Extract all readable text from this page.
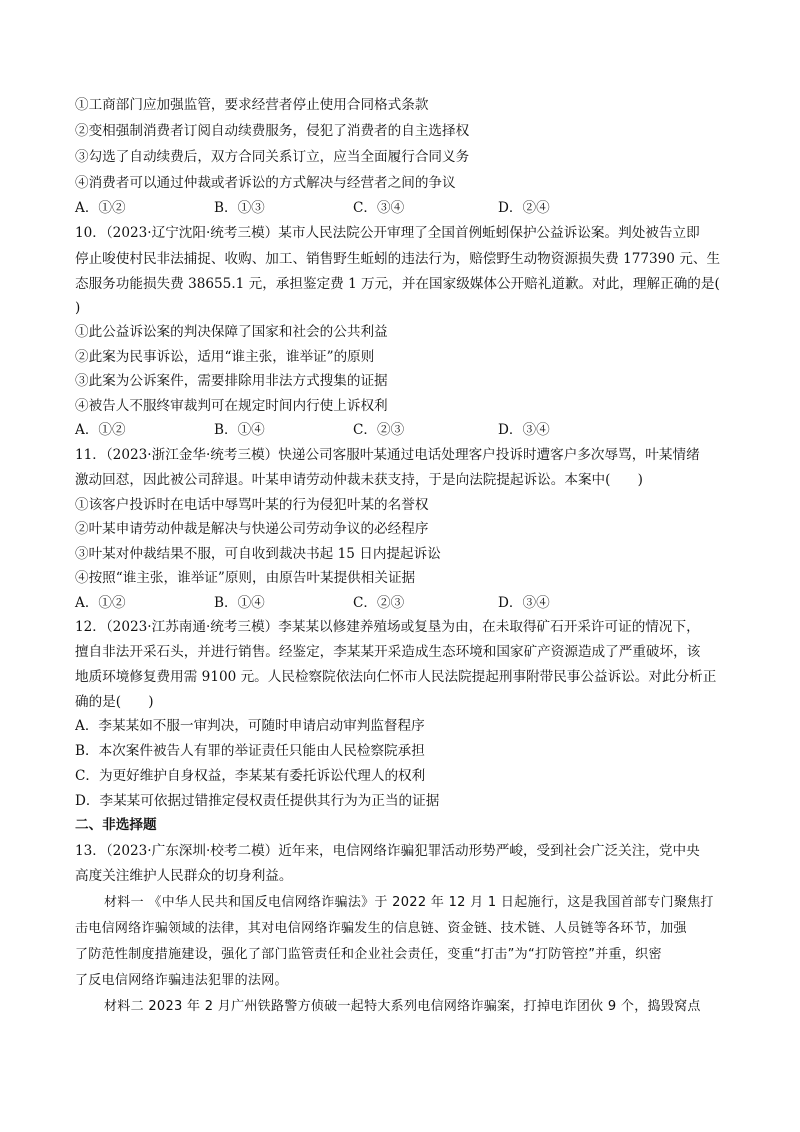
①工商部门应加强监管，要求经营者停止使用合同格式条款
②变相强制消费者订阅自动续费服务，侵犯了消费者的自主选择权
③勾选了自动续费后，双方合同关系订立，应当全面履行合同义务
④消费者可以通过仲裁或者诉讼的方式解决与经营者之间的争议
A．①②	B．①③	C．③④	D．②④
10．（2023·辽宁沈阳·统考三模）某市人民法院公开审理了全国首例蚯蚓保护公益诉讼案。判处被告立即
停止唆使村民非法捕捉、收购、加工、销售野生蚯蚓的违法行为，赔偿野生动物资源损失费 177390 元、生
态服务功能损失费 38655.1 元，承担鉴定费 1 万元，并在国家级媒体公开赔礼道歉。对此，理解正确的是(
)
①此公益诉讼案的判决保障了国家和社会的公共利益
②此案为民事诉讼，适用“谁主张，谁举证”的原则
③此案为公诉案件，需要排除用非法方式搜集的证据
④被告人不服终审裁判可在规定时间内行使上诉权利
A．①②	B．①④	C．②③	D．③④
11．（2023·浙江金华·统考三模）快递公司客服叶某通过电话处理客户投诉时遭客户多次辱骂，叶某情绪
激动回怼，因此被公司辞退。叶某申请劳动仲裁未获支持，于是向法院提起诉讼。本案中(　　)
①该客户投诉时在电话中辱骂叶某的行为侵犯叶某的名誉权
②叶某申请劳动仲裁是解决与快递公司劳动争议的必经程序
③叶某对仲裁结果不服，可自收到裁决书起 15 日内提起诉讼
④按照“谁主张，谁举证”原则，由原告叶某提供相关证据
A．①②	B．①④	C．②③	D．③④
12．（2023·江苏南通·统考三模）李某某以修建养殖场或复垦为由，在未取得矿石开采许可证的情况下，
擅自非法开采石头，并进行销售。经鉴定，李某某开采造成生态环境和国家矿产资源造成了严重破坏，该
地质环境修复费用需 9100 元。人民检察院依法向仁怀市人民法院提起刑事附带民事公益诉讼。对此分析正
确的是(　　)
A．李某某如不服一审判决，可随时申请启动审判监督程序
B．本次案件被告人有罪的举证责任只能由人民检察院承担
C．为更好维护自身权益，李某某有委托诉讼代理人的权利
D．李某某可依据过错推定侵权责任提供其行为为正当的证据
二、非选择题
13．（2023·广东深圳·校考二模）近年来，电信网络诈骗犯罪活动形势严峻，受到社会广泛关注，党中央
高度关注维护人民群众的切身利益。
材料一 《中华人民共和国反电信网络诈骗法》于 2022 年 12 月 1 日起施行，这是我国首部专门聚焦打
击电信网络诈骗领域的法律，其对电信网络诈骗发生的信息链、资金链、技术链、人员链等各环节，加强
了防范性制度措施建设，强化了部门监管责任和企业社会责任，变重“打击”为“打防管控”并重，织密
了反电信网络诈骗违法犯罪的法网。
材料二 2023 年 2 月广州铁路警方侦破一起特大系列电信网络诈骗案，打掉电诈团伙 9 个，捣毁窝点
